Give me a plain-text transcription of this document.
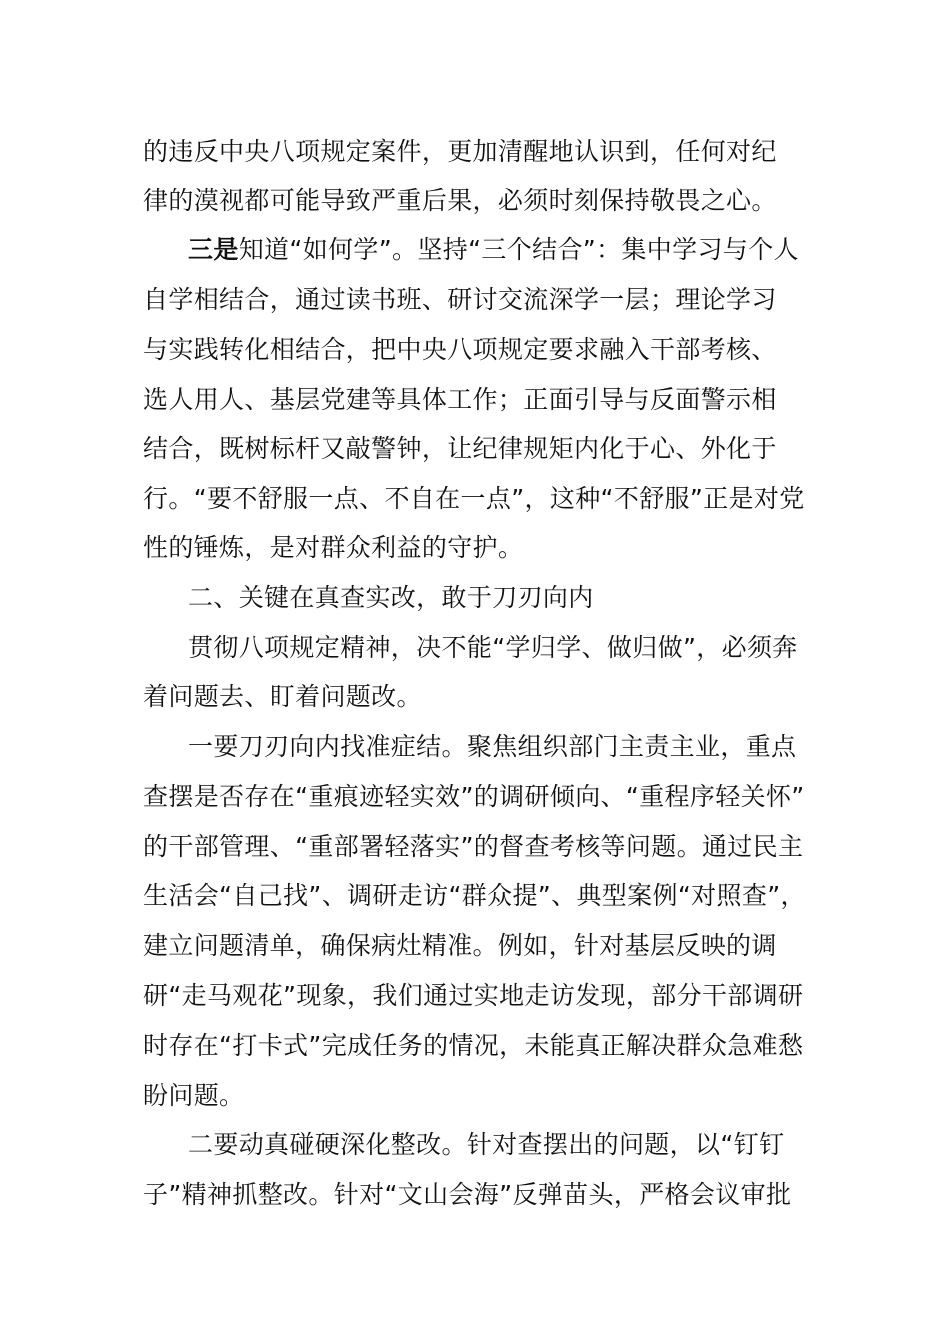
的违反中央八项规定案件，更加清醒地认识到，任何对纪
律的漠视都可能导致严重后果，必须时刻保持敬畏之心。
三是知道“如何学”。坚持“三个结合”：集中学习与个人
自学相结合，通过读书班、研讨交流深学一层；理论学习
与实践转化相结合，把中央八项规定要求融入干部考核、
选人用人、基层党建等具体工作；正面引导与反面警示相
结合，既树标杆又敲警钟，让纪律规矩内化于心、外化于
行。“要不舒服一点、不自在一点”，这种“不舒服”正是对党
性的锤炼，是对群众利益的守护。
二、关键在真查实改，敢于刀刃向内
贯彻八项规定精神，决不能“学归学、做归做”，必须奔
着问题去、盯着问题改。
一要刀刃向内找准症结。聚焦组织部门主责主业，重点
查摆是否存在“重痕迹轻实效”的调研倾向、“重程序轻关怀”
的干部管理、“重部署轻落实”的督查考核等问题。通过民主
生活会“自己找”、调研走访“群众提”、典型案例“对照查”，
建立问题清单，确保病灶精准。例如，针对基层反映的调
研“走马观花”现象，我们通过实地走访发现，部分干部调研
时存在“打卡式”完成任务的情况，未能真正解决群众急难愁
盼问题。
二要动真碰硬深化整改。针对查摆出的问题，以“钉钉
子”精神抓整改。针对“文山会海”反弹苗头，严格会议审批
